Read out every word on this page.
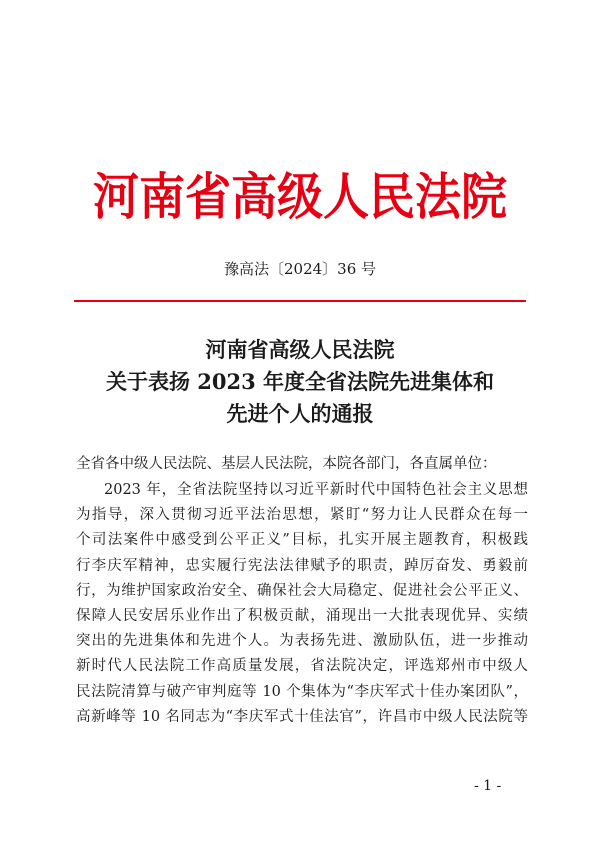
河南省高级人民法院
豫高法〔2024〕36 号
河南省高级人民法院
关于表扬 2023 年度全省法院先进集体和
先进个人的通报
全省各中级人民法院、基层人民法院，本院各部门，各直属单位：
2023 年，全省法院坚持以习近平新时代中国特色社会主义思想
为指导，深入贯彻习近平法治思想，紧盯“努力让人民群众在每一
个司法案件中感受到公平正义”目标，扎实开展主题教育，积极践
行李庆军精神，忠实履行宪法法律赋予的职责，踔厉奋发、勇毅前
行，为维护国家政治安全、确保社会大局稳定、促进社会公平正义、
保障人民安居乐业作出了积极贡献，涌现出一大批表现优异、实绩
突出的先进集体和先进个人。为表扬先进、激励队伍，进一步推动
新时代人民法院工作高质量发展，省法院决定，评选郑州市中级人
民法院清算与破产审判庭等 10 个集体为“李庆军式十佳办案团队”，
高新峰等 10 名同志为“李庆军式十佳法官”，许昌市中级人民法院等
- 1 -
